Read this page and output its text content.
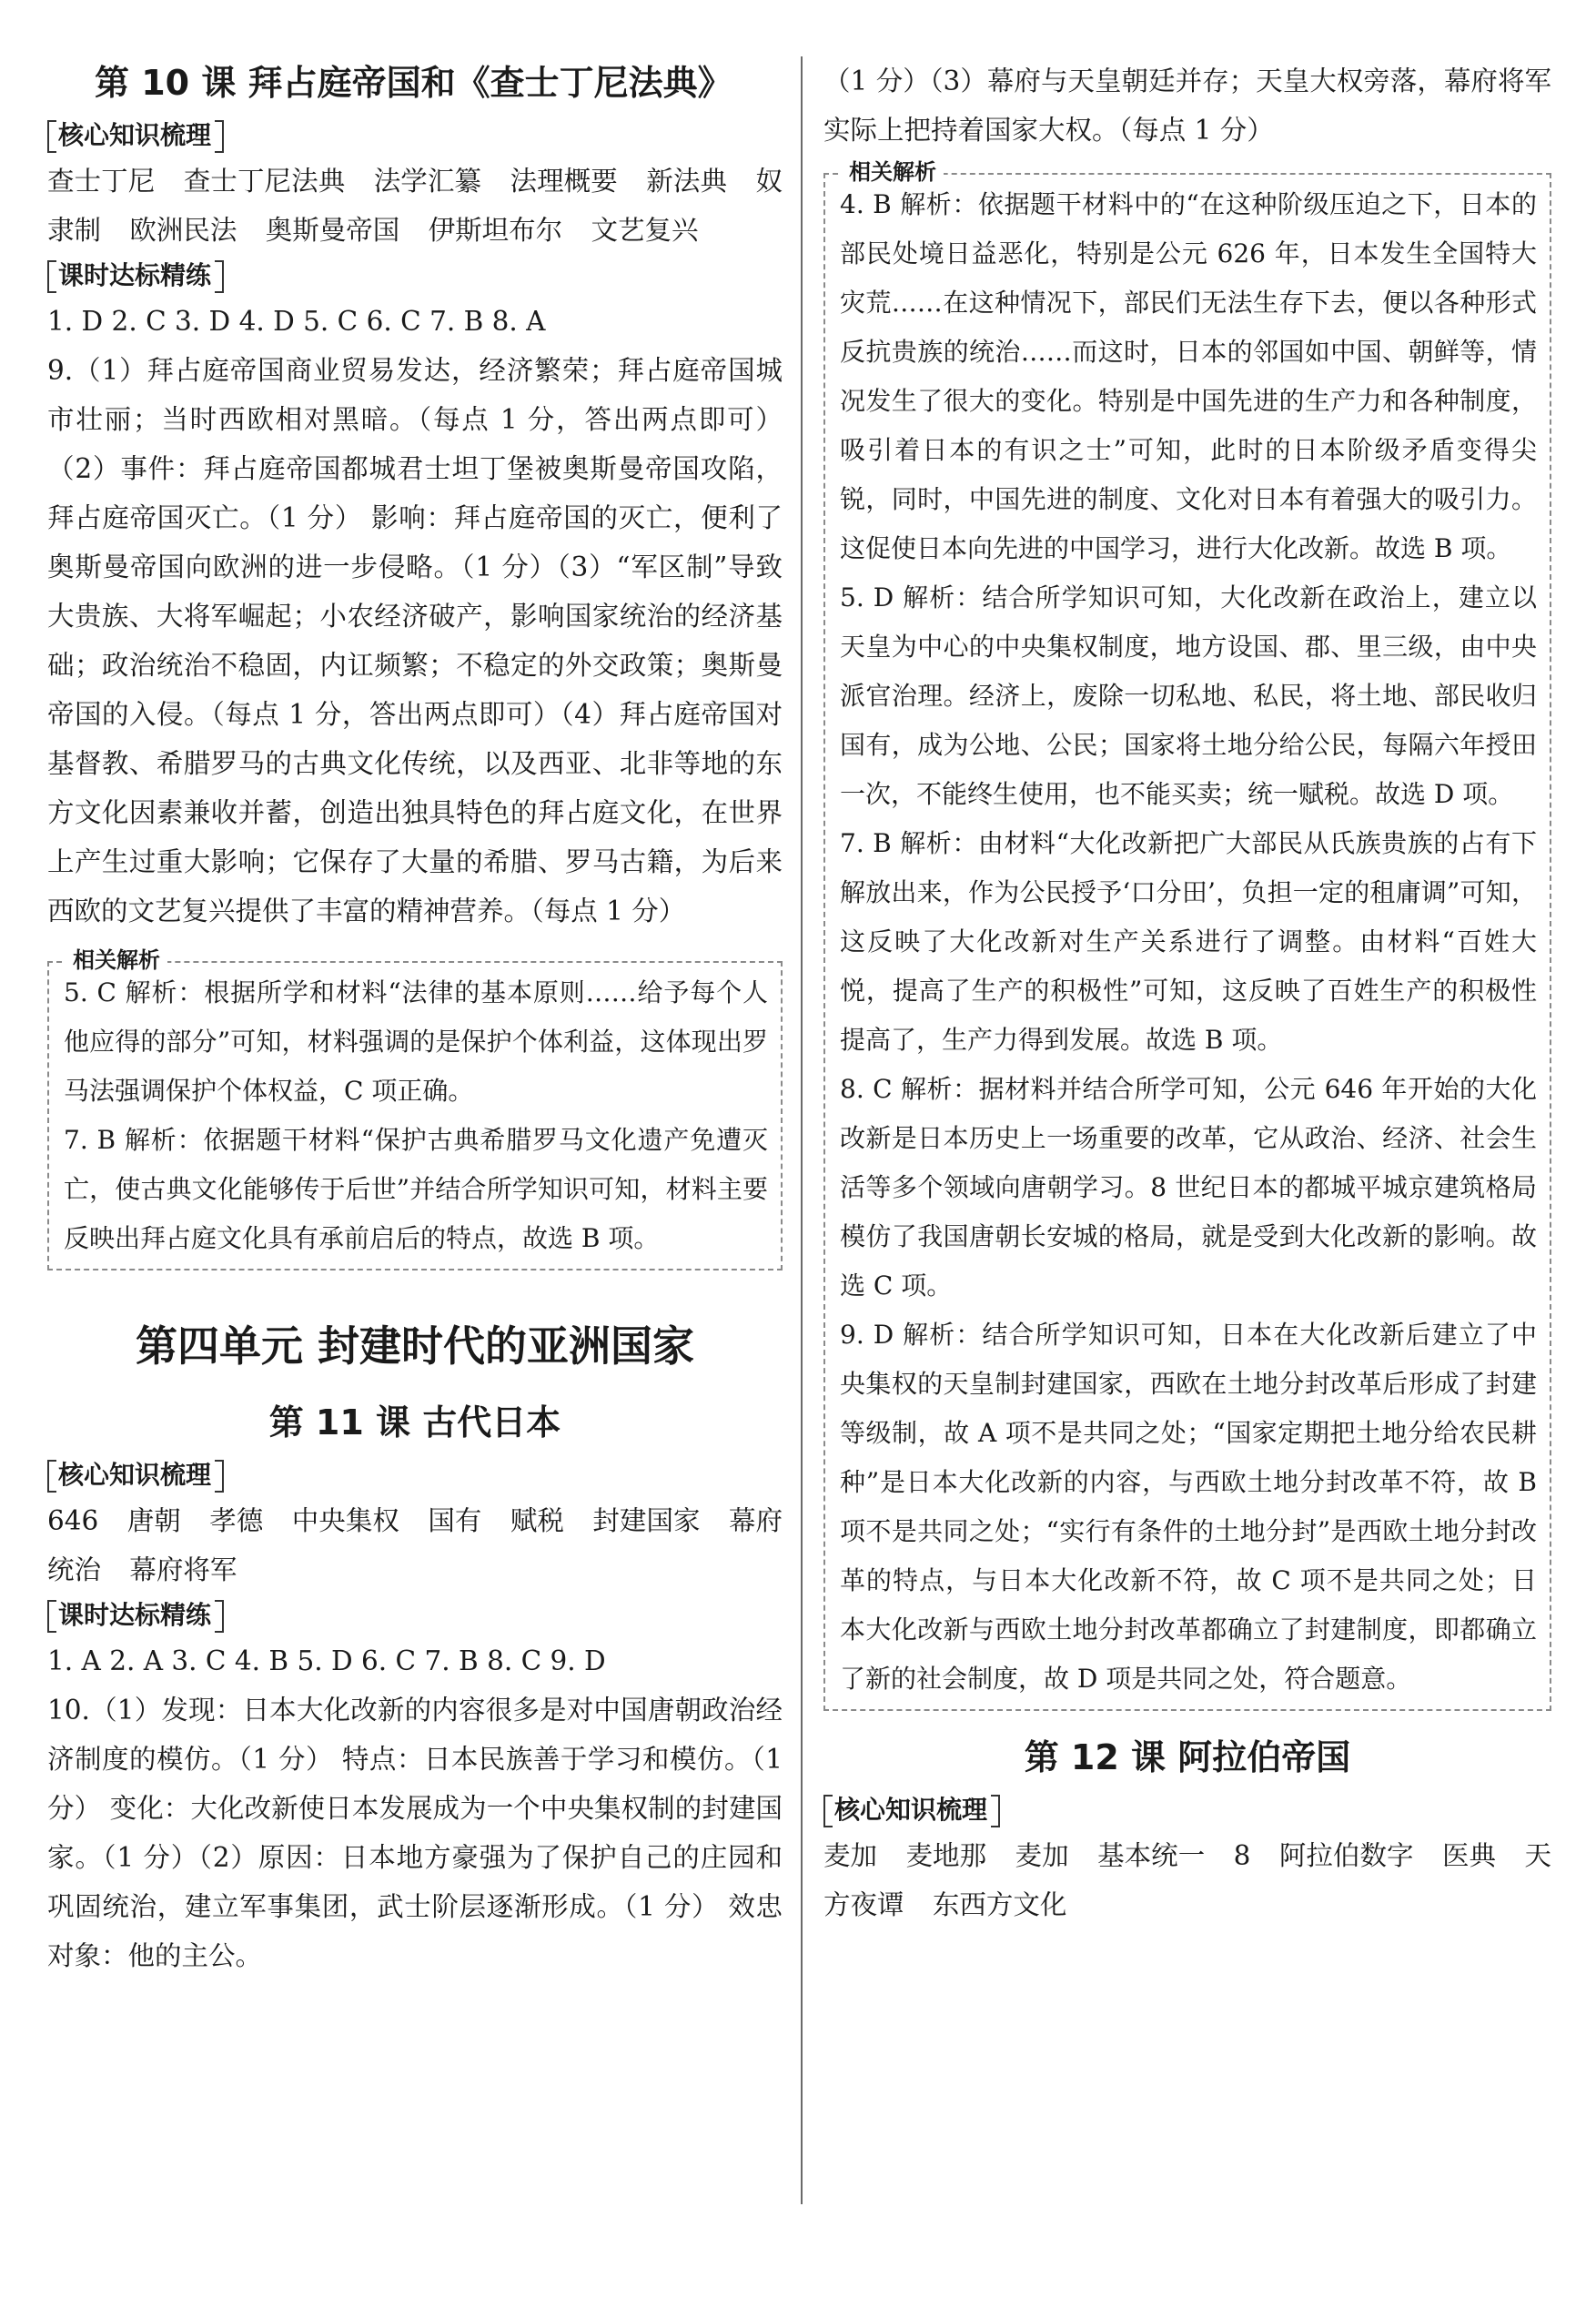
第 10 课 拜占庭帝国和《查士丁尼法典》
核心知识梳理

查士丁尼 查士丁尼法典 法学汇纂 法理概要 新法典 奴隶制 欧洲民法 奥斯曼帝国 伊斯坦布尔 文艺复兴

课时达标精练

1. D 2. C 3. D 4. D 5. C 6. C 7. B 8. A

9.（1）拜占庭帝国商业贸易发达，经济繁荣；拜占庭帝国城市壮丽；当时西欧相对黑暗。（每点 1 分，答出两点即可）（2）事件：拜占庭帝国都城君士坦丁堡被奥斯曼帝国攻陷，拜占庭帝国灭亡。（1 分） 影响：拜占庭帝国的灭亡，便利了奥斯曼帝国向欧洲的进一步侵略。（1 分）（3）“军区制”导致大贵族、大将军崛起；小农经济破产，影响国家统治的经济基础；政治统治不稳固，内讧频繁；不稳定的外交政策；奥斯曼帝国的入侵。（每点 1 分，答出两点即可）（4）拜占庭帝国对基督教、希腊罗马的古典文化传统，以及西亚、北非等地的东方文化因素兼收并蓄，创造出独具特色的拜占庭文化，在世界上产生过重大影响；它保存了大量的希腊、罗马古籍，为后来西欧的文艺复兴提供了丰富的精神营养。（每点 1 分）

相关解析

5. C 解析：根据所学和材料“法律的基本原则……给予每个人他应得的部分”可知，材料强调的是保护个体利益，这体现出罗马法强调保护个体权益，C 项正确。

7. B 解析：依据题干材料“保护古典希腊罗马文化遗产免遭灭亡，使古典文化能够传于后世”并结合所学知识可知，材料主要反映出拜占庭文化具有承前启后的特点，故选 B 项。

第四单元 封建时代的亚洲国家
第 11 课 古代日本
核心知识梳理

646 唐朝 孝德 中央集权 国有 赋税 封建国家 幕府统治 幕府将军

课时达标精练

1. A 2. A 3. C 4. B 5. D 6. C 7. B 8. C 9. D

10.（1）发现：日本大化改新的内容很多是对中国唐朝政治经济制度的模仿。（1 分） 特点：日本民族善于学习和模仿。（1 分） 变化：大化改新使日本发展成为一个中央集权制的封建国家。（1 分）（2）原因：日本地方豪强为了保护自己的庄园和巩固统治，建立军事集团，武士阶层逐渐形成。（1 分） 效忠对象：他的主公。

（1 分）（3）幕府与天皇朝廷并存；天皇大权旁落，幕府将军实际上把持着国家大权。（每点 1 分）

相关解析

4. B 解析：依据题干材料中的“在这种阶级压迫之下，日本的部民处境日益恶化，特别是公元 626 年，日本发生全国特大灾荒……在这种情况下，部民们无法生存下去，便以各种形式反抗贵族的统治……而这时，日本的邻国如中国、朝鲜等，情况发生了很大的变化。特别是中国先进的生产力和各种制度，吸引着日本的有识之士”可知，此时的日本阶级矛盾变得尖锐，同时，中国先进的制度、文化对日本有着强大的吸引力。这促使日本向先进的中国学习，进行大化改新。故选 B 项。

5. D 解析：结合所学知识可知，大化改新在政治上，建立以天皇为中心的中央集权制度，地方设国、郡、里三级，由中央派官治理。经济上，废除一切私地、私民，将土地、部民收归国有，成为公地、公民；国家将土地分给公民，每隔六年授田一次，不能终生使用，也不能买卖；统一赋税。故选 D 项。

7. B 解析：由材料“大化改新把广大部民从氏族贵族的占有下解放出来，作为公民授予‘口分田’，负担一定的租庸调”可知，这反映了大化改新对生产关系进行了调整。由材料“百姓大悦，提高了生产的积极性”可知，这反映了百姓生产的积极性提高了，生产力得到发展。故选 B 项。

8. C 解析：据材料并结合所学可知，公元 646 年开始的大化改新是日本历史上一场重要的改革，它从政治、经济、社会生活等多个领域向唐朝学习。8 世纪日本的都城平城京建筑格局模仿了我国唐朝长安城的格局，就是受到大化改新的影响。故选 C 项。

9. D 解析：结合所学知识可知，日本在大化改新后建立了中央集权的天皇制封建国家，西欧在土地分封改革后形成了封建等级制，故 A 项不是共同之处；“国家定期把土地分给农民耕种”是日本大化改新的内容，与西欧土地分封改革不符，故 B 项不是共同之处；“实行有条件的土地分封”是西欧土地分封改革的特点，与日本大化改新不符，故 C 项不是共同之处；日本大化改新与西欧土地分封改革都确立了封建制度，即都确立了新的社会制度，故 D 项是共同之处，符合题意。

第 12 课 阿拉伯帝国
核心知识梳理

麦加 麦地那 麦加 基本统一 8 阿拉伯数字 医典 天方夜谭 东西方文化
